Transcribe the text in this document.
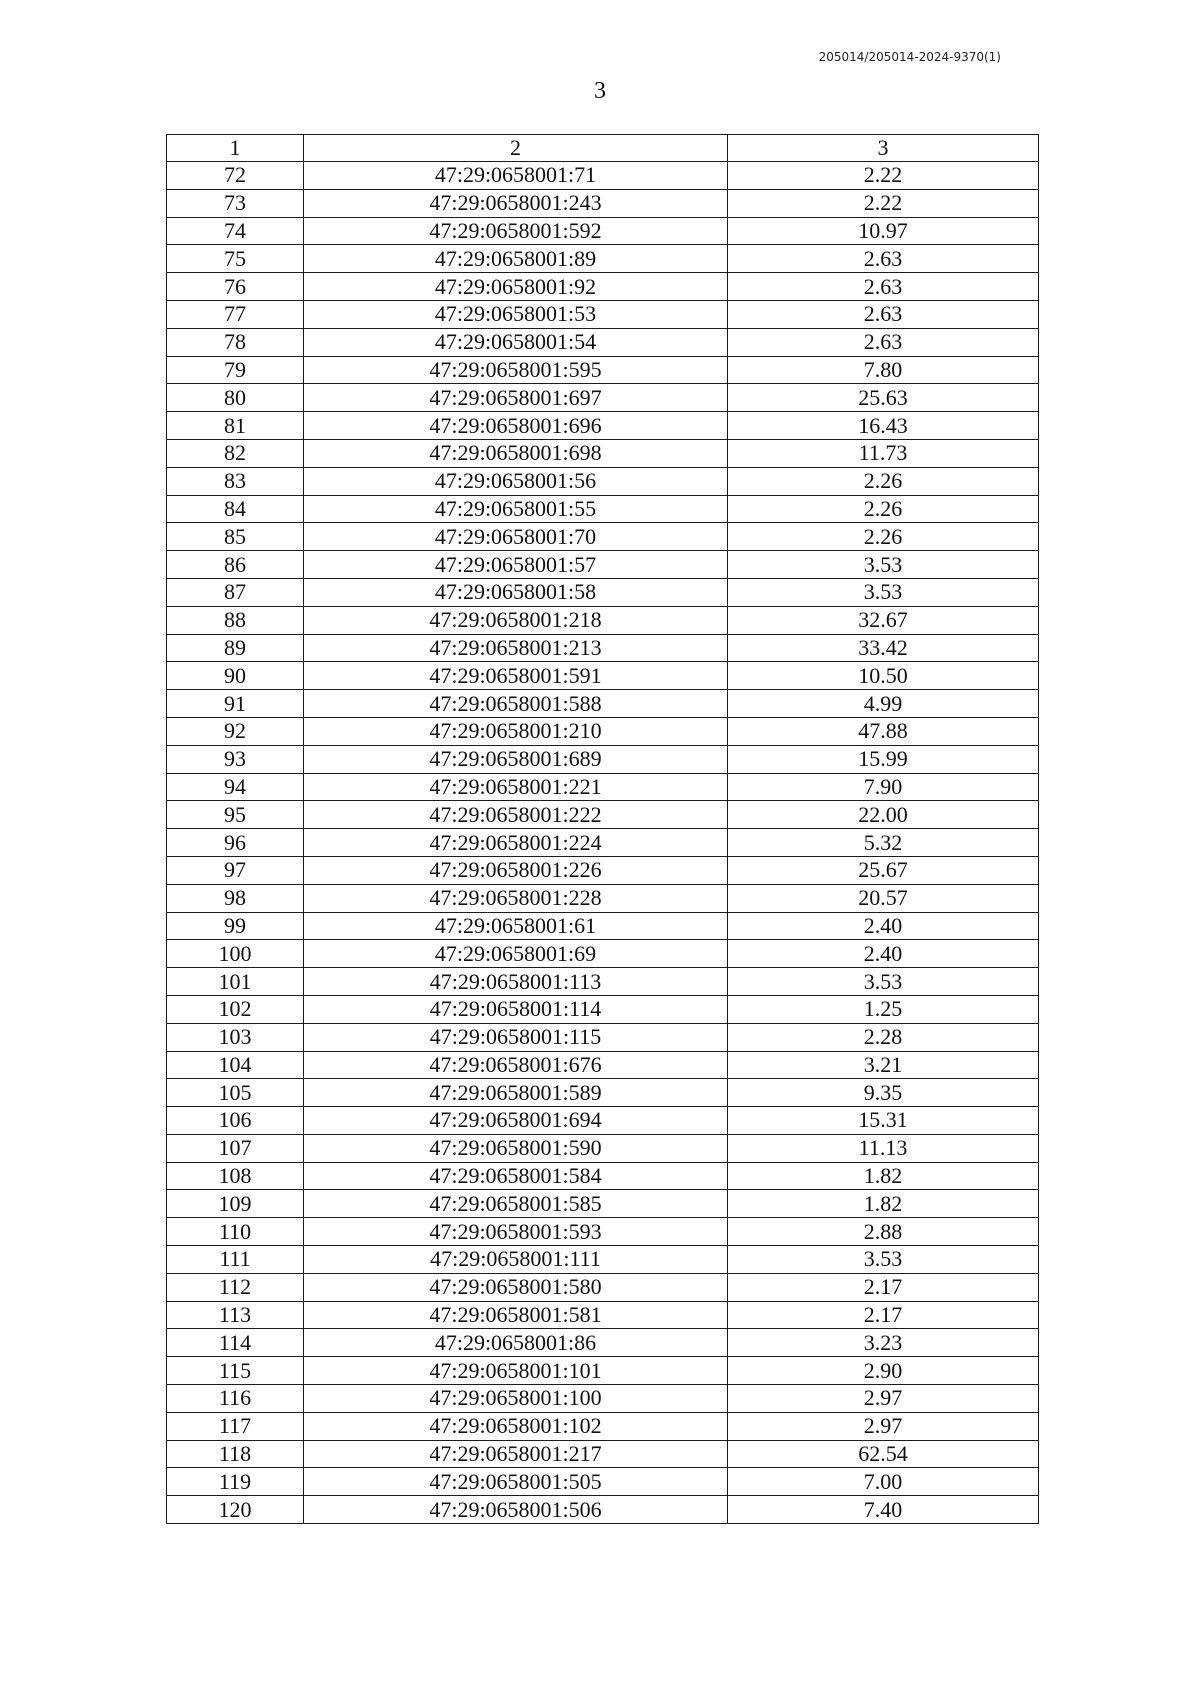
205014/205014-2024-9370(1)
3
1	2	3
72	47:29:0658001:71	2.22
73	47:29:0658001:243	2.22
74	47:29:0658001:592	10.97
75	47:29:0658001:89	2.63
76	47:29:0658001:92	2.63
77	47:29:0658001:53	2.63
78	47:29:0658001:54	2.63
79	47:29:0658001:595	7.80
80	47:29:0658001:697	25.63
81	47:29:0658001:696	16.43
82	47:29:0658001:698	11.73
83	47:29:0658001:56	2.26
84	47:29:0658001:55	2.26
85	47:29:0658001:70	2.26
86	47:29:0658001:57	3.53
87	47:29:0658001:58	3.53
88	47:29:0658001:218	32.67
89	47:29:0658001:213	33.42
90	47:29:0658001:591	10.50
91	47:29:0658001:588	4.99
92	47:29:0658001:210	47.88
93	47:29:0658001:689	15.99
94	47:29:0658001:221	7.90
95	47:29:0658001:222	22.00
96	47:29:0658001:224	5.32
97	47:29:0658001:226	25.67
98	47:29:0658001:228	20.57
99	47:29:0658001:61	2.40
100	47:29:0658001:69	2.40
101	47:29:0658001:113	3.53
102	47:29:0658001:114	1.25
103	47:29:0658001:115	2.28
104	47:29:0658001:676	3.21
105	47:29:0658001:589	9.35
106	47:29:0658001:694	15.31
107	47:29:0658001:590	11.13
108	47:29:0658001:584	1.82
109	47:29:0658001:585	1.82
110	47:29:0658001:593	2.88
111	47:29:0658001:111	3.53
112	47:29:0658001:580	2.17
113	47:29:0658001:581	2.17
114	47:29:0658001:86	3.23
115	47:29:0658001:101	2.90
116	47:29:0658001:100	2.97
117	47:29:0658001:102	2.97
118	47:29:0658001:217	62.54
119	47:29:0658001:505	7.00
120	47:29:0658001:506	7.40
